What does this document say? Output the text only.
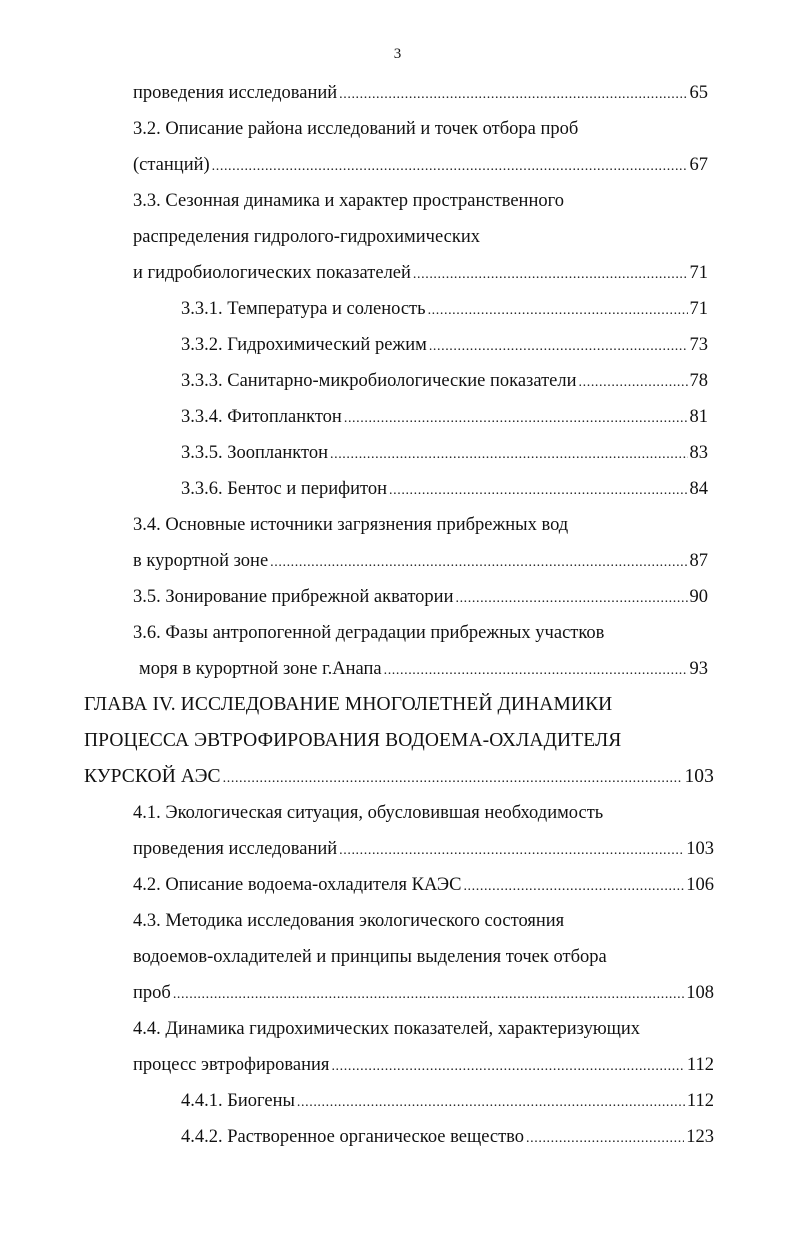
3
проведения исследований .....	65
3.2. Описание района исследований и точек отбора проб
(станций) .....	67
3.3. Сезонная динамика и характер пространственного
распределения гидролого-гидрохимических
и гидробиологических показателей .....	71
3.3.1. Температура и соленость .....	71
3.3.2. Гидрохимический режим .....	73
3.3.3. Санитарно-микробиологические показатели .....	78
3.3.4. Фитопланктон .....	81
3.3.5. Зоопланктон .....	83
3.3.6. Бентос и перифитон .....	84
3.4. Основные источники загрязнения прибрежных вод
в курортной зоне .....	87
3.5. Зонирование прибрежной акватории .....	90
3.6. Фазы антропогенной деградации прибрежных участков
моря в курортной зоне г.Анапа .....	93
ГЛАВА IV. ИССЛЕДОВАНИЕ МНОГОЛЕТНЕЙ ДИНАМИКИ
ПРОЦЕССА ЭВТРОФИРОВАНИЯ ВОДОЕМА-ОХЛАДИТЕЛЯ
КУРСКОЙ АЭС .....	103
4.1. Экологическая ситуация, обусловившая необходимость
проведения исследований .....	103
4.2. Описание водоема-охладителя КАЭС .....	106
4.3. Методика исследования экологического состояния
водоемов-охладителей и принципы выделения точек отбора
проб .....	108
4.4. Динамика гидрохимических показателей, характеризующих
процесс эвтрофирования .....	112
4.4.1. Биогены .....	112
4.4.2. Растворенное органическое вещество .....	123
